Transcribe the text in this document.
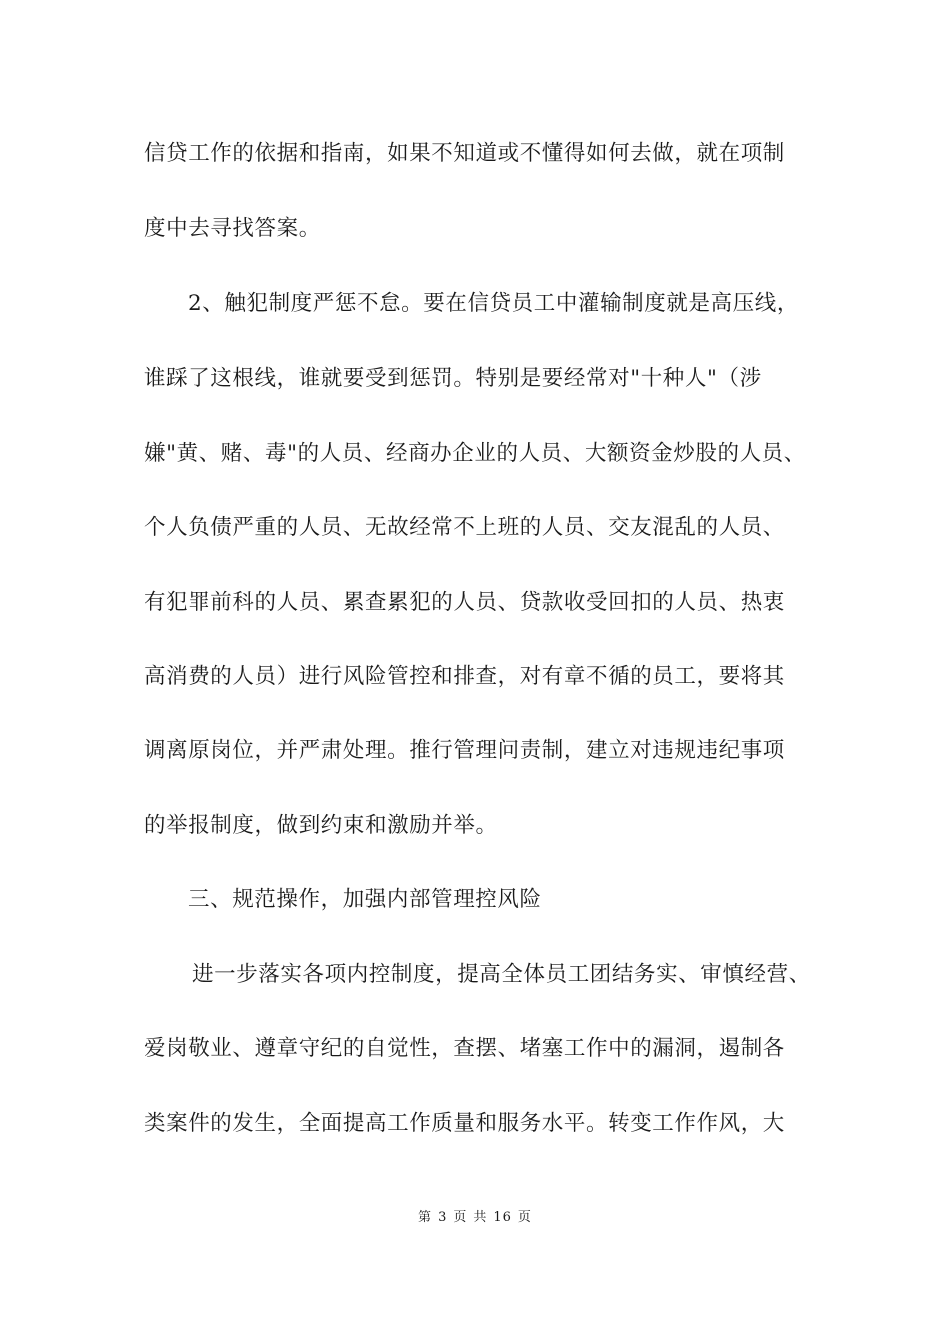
信贷工作的依据和指南，如果不知道或不懂得如何去做，就在项制
度中去寻找答案。
2、触犯制度严惩不怠。要在信贷员工中灌输制度就是高压线，
谁踩了这根线，谁就要受到惩罚。特别是要经常对"十种人"（涉
嫌"黄、赌、毒"的人员、经商办企业的人员、大额资金炒股的人员、
个人负债严重的人员、无故经常不上班的人员、交友混乱的人员、
有犯罪前科的人员、累查累犯的人员、贷款收受回扣的人员、热衷
高消费的人员）进行风险管控和排查，对有章不循的员工，要将其
调离原岗位，并严肃处理。推行管理问责制，建立对违规违纪事项
的举报制度，做到约束和激励并举。
三、规范操作，加强内部管理控风险
进一步落实各项内控制度，提高全体员工团结务实、审慎经营、
爱岗敬业、遵章守纪的自觉性，查摆、堵塞工作中的漏洞，遏制各
类案件的发生，全面提高工作质量和服务水平。转变工作作风，大
第 3 页 共 16 页
